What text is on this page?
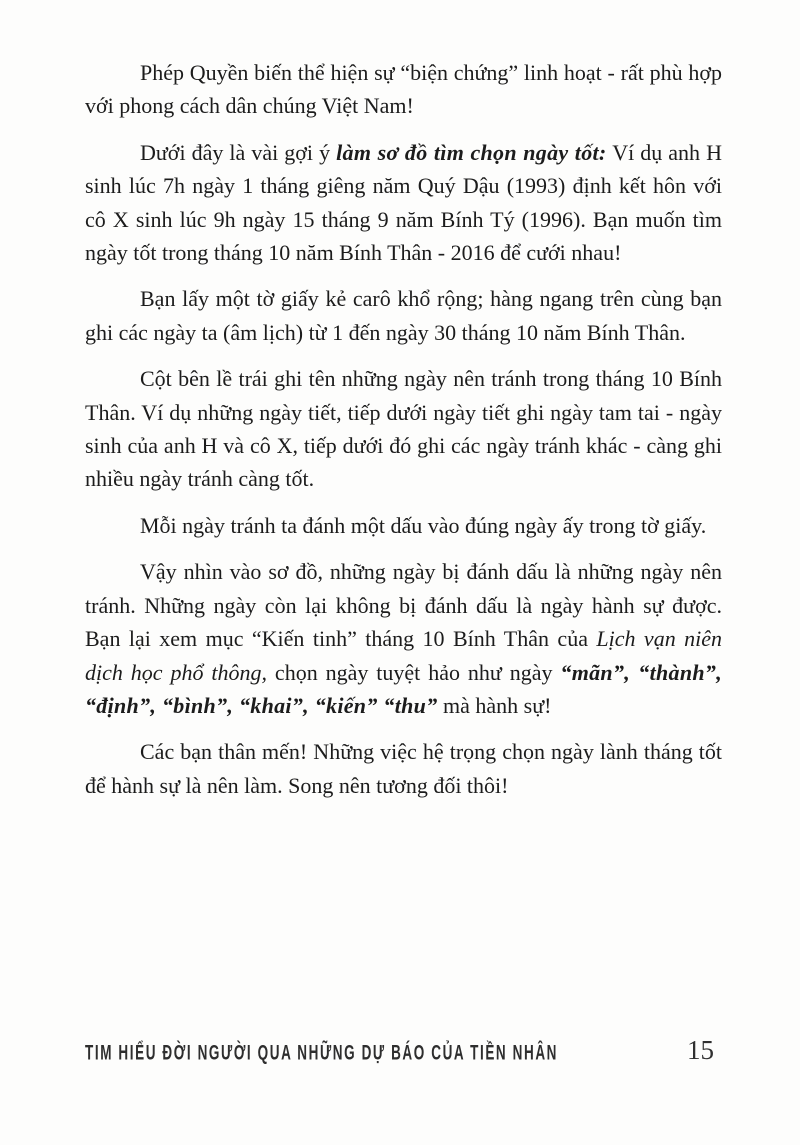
Phép Quyền biến thể hiện sự “biện chứng” linh hoạt - rất phù hợp với phong cách dân chúng Việt Nam!

Dưới đây là vài gợi ý làm sơ đồ tìm chọn ngày tốt: Ví dụ anh H sinh lúc 7h ngày 1 tháng giêng năm Quý Dậu (1993) định kết hôn với cô X sinh lúc 9h ngày 15 tháng 9 năm Bính Tý (1996). Bạn muốn tìm ngày tốt trong tháng 10 năm Bính Thân - 2016 để cưới nhau!

Bạn lấy một tờ giấy kẻ carô khổ rộng; hàng ngang trên cùng bạn ghi các ngày ta (âm lịch) từ 1 đến ngày 30 tháng 10 năm Bính Thân.

Cột bên lề trái ghi tên những ngày nên tránh trong tháng 10 Bính Thân. Ví dụ những ngày tiết, tiếp dưới ngày tiết ghi ngày tam tai - ngày sinh của anh H và cô X, tiếp dưới đó ghi các ngày tránh khác - càng ghi nhiều ngày tránh càng tốt.

Mỗi ngày tránh ta đánh một dấu vào đúng ngày ấy trong tờ giấy.

Vậy nhìn vào sơ đồ, những ngày bị đánh dấu là những ngày nên tránh. Những ngày còn lại không bị đánh dấu là ngày hành sự được. Bạn lại xem mục “Kiến tinh” tháng 10 Bính Thân của Lịch vạn niên dịch học phổ thông, chọn ngày tuyệt hảo như ngày “mãn”, “thành”, “định”, “bình”, “khai”, “kiến” “thu” mà hành sự!

Các bạn thân mến! Những việc hệ trọng chọn ngày lành tháng tốt để hành sự là nên làm. Song nên tương đối thôi!

TIM HIỂU ĐỜI NGƯỜI QUA NHỮNG DỰ BÁO CỦA TIỀN NHÂN	15
